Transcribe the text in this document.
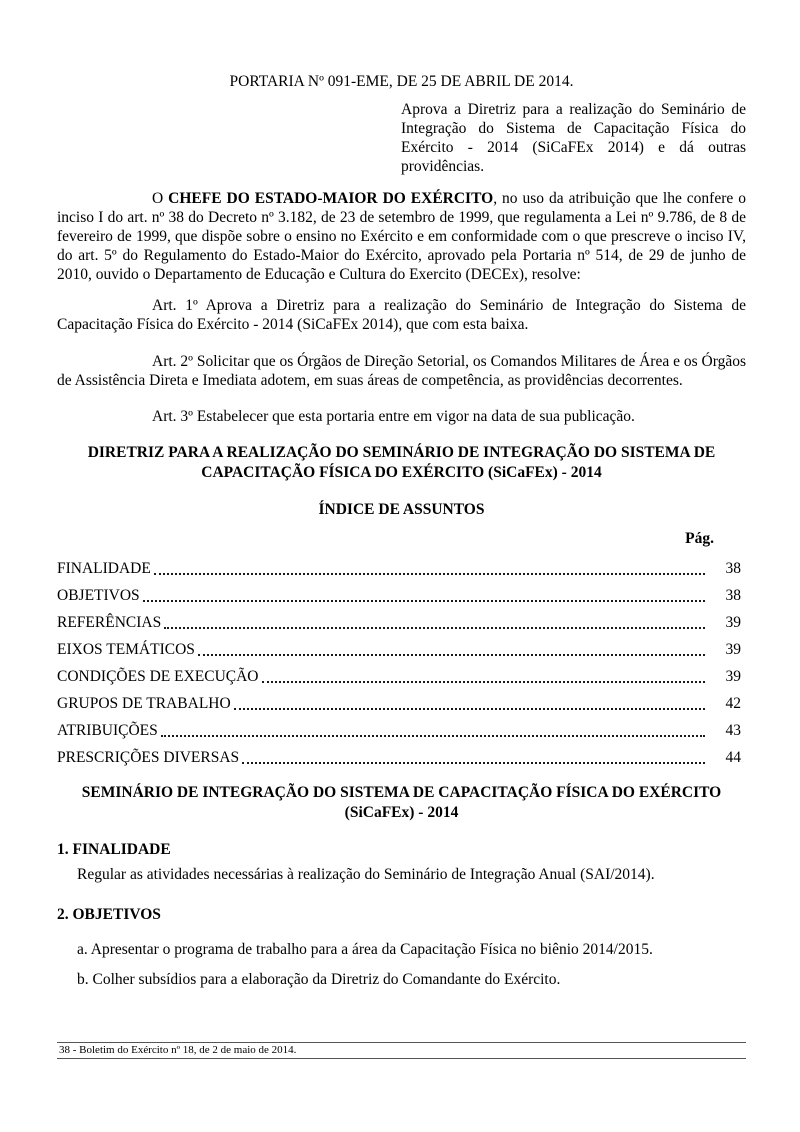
PORTARIA Nº 091-EME, DE 25 DE ABRIL DE 2014.

Aprova a Diretriz para a realização do Seminário de Integração do Sistema de Capacitação Física do Exército - 2014 (SiCaFEx 2014) e dá outras providências.

O CHEFE DO ESTADO-MAIOR DO EXÉRCITO, no uso da atribuição que lhe confere o inciso I do art. nº 38 do Decreto nº 3.182, de 23 de setembro de 1999, que regulamenta a Lei nº 9.786, de 8 de fevereiro de 1999, que dispõe sobre o ensino no Exército e em conformidade com o que prescreve o inciso IV, do art. 5º do Regulamento do Estado-Maior do Exército, aprovado pela Portaria nº 514, de 29 de junho de 2010, ouvido o Departamento de Educação e Cultura do Exercito (DECEx), resolve:

Art. 1º Aprova a Diretriz para a realização do Seminário de Integração do Sistema de Capacitação Física do Exército - 2014 (SiCaFEx 2014), que com esta baixa.

Art. 2º Solicitar que os Órgãos de Direção Setorial, os Comandos Militares de Área e os Órgãos de Assistência Direta e Imediata adotem, em suas áreas de competência, as providências decorrentes.

Art. 3º Estabelecer que esta portaria entre em vigor na data de sua publicação.

DIRETRIZ PARA A REALIZAÇÃO DO SEMINÁRIO DE INTEGRAÇÃO DO SISTEMA DE CAPACITAÇÃO FÍSICA DO EXÉRCITO (SiCaFEx) - 2014

ÍNDICE DE ASSUNTOS

Pág.

FINALIDADE	38
OBJETIVOS	38
REFERÊNCIAS	39
EIXOS TEMÁTICOS	39
CONDIÇÕES DE EXECUÇÃO	39
GRUPOS DE TRABALHO	42
ATRIBUIÇÕES	43
PRESCRIÇÕES DIVERSAS	44

SEMINÁRIO DE INTEGRAÇÃO DO SISTEMA DE CAPACITAÇÃO FÍSICA DO EXÉRCITO (SiCaFEx) - 2014

1. FINALIDADE

Regular as atividades necessárias à realização do Seminário de Integração Anual (SAI/2014).

2. OBJETIVOS

a. Apresentar o programa de trabalho para a área da Capacitação Física no biênio 2014/2015.

b. Colher subsídios para a elaboração da Diretriz do Comandante do Exército.

38 - Boletim do Exército nº 18, de 2 de maio de 2014.
